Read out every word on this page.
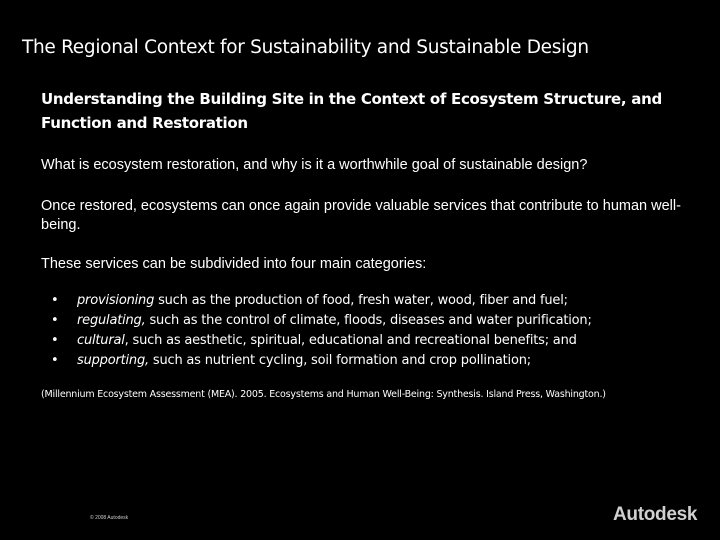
The Regional Context for Sustainability and Sustainable Design
Understanding the Building Site in the Context of Ecosystem Structure, and Function and Restoration
What is ecosystem restoration, and why is it a worthwhile goal of sustainable design?
Once restored, ecosystems can once again provide valuable services that contribute to human well-being.
These services can be subdivided into four main categories:
• provisioning such as the production of food, fresh water, wood, fiber and fuel;
• regulating, such as the control of climate, floods, diseases and water purification;
• cultural, such as aesthetic, spiritual, educational and recreational benefits; and
• supporting, such as nutrient cycling, soil formation and crop pollination;
(Millennium Ecosystem Assessment (MEA). 2005. Ecosystems and Human Well-Being: Synthesis. Island Press, Washington.)
© 2008 Autodesk	Autodesk
